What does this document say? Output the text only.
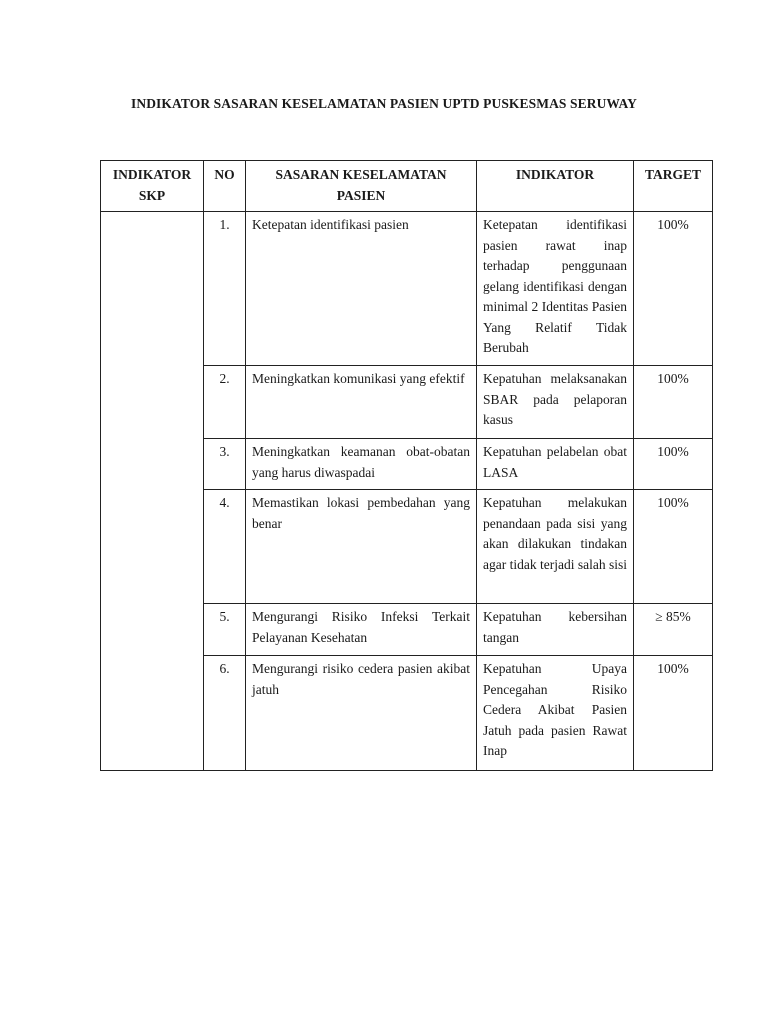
INDIKATOR SASARAN KESELAMATAN PASIEN UPTD PUSKESMAS SERUWAY
INDIKATOR SKP	NO	SASARAN KESELAMATAN PASIEN	INDIKATOR	TARGET
	1.	Ketepatan identifikasi pasien	Ketepatan identifikasi pasien rawat inap terhadap penggunaan gelang identifikasi dengan minimal 2 Identitas Pasien Yang Relatif Tidak Berubah	100%
	2.	Meningkatkan komunikasi yang efektif	Kepatuhan melaksanakan SBAR pada pelaporan kasus	100%
	3.	Meningkatkan keamanan obat-obatan yang harus diwaspadai	Kepatuhan pelabelan obat LASA	100%
	4.	Memastikan lokasi pembedahan yang benar	Kepatuhan melakukan penandaan pada sisi yang akan dilakukan tindakan agar tidak terjadi salah sisi	100%
	5.	Mengurangi Risiko Infeksi Terkait Pelayanan Kesehatan	Kepatuhan kebersihan tangan	≥ 85%
	6.	Mengurangi risiko cedera pasien akibat jatuh	Kepatuhan Upaya Pencegahan Risiko Cedera Akibat Pasien Jatuh pada pasien Rawat Inap	100%
